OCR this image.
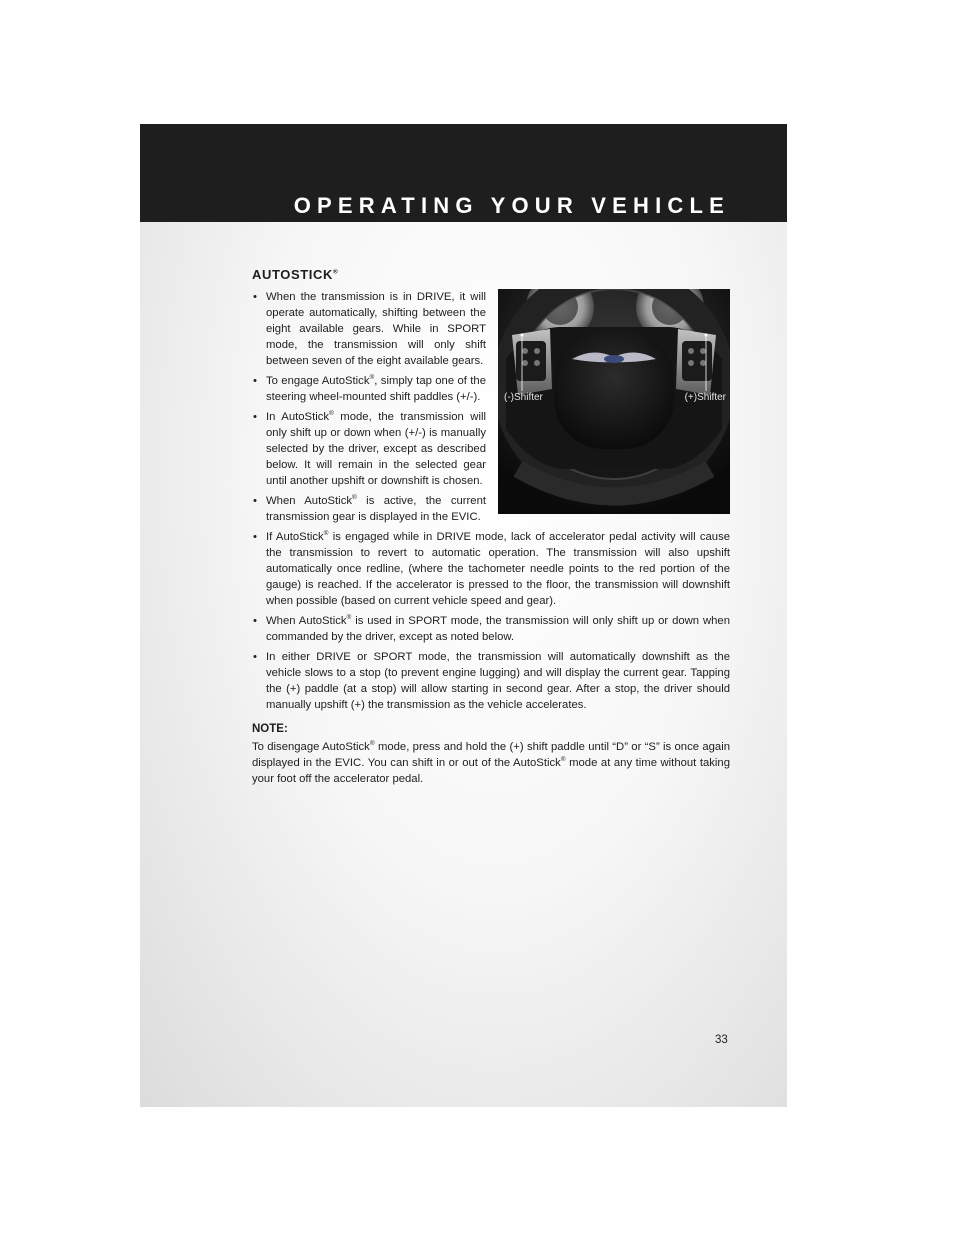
OPERATING YOUR VEHICLE
AUTOSTICK®
(-)Shifter	(+)Shifter
• When the transmission is in DRIVE, it will operate automatically, shifting between the eight available gears. While in SPORT mode, the transmission will only shift between seven of the eight available gears.
• To engage AutoStick®, simply tap one of the steering wheel-mounted shift paddles (+/-).
• In AutoStick® mode, the transmission will only shift up or down when (+/-) is manually selected by the driver, except as described below. It will remain in the selected gear until another upshift or downshift is chosen.
• When AutoStick® is active, the current transmission gear is displayed in the EVIC.
• If AutoStick® is engaged while in DRIVE mode, lack of accelerator pedal activity will cause the transmission to revert to automatic operation. The transmission will also upshift automatically once redline, (where the tachometer needle points to the red portion of the gauge) is reached. If the accelerator is pressed to the floor, the transmission will downshift when possible (based on current vehicle speed and gear).
• When AutoStick® is used in SPORT mode, the transmission will only shift up or down when commanded by the driver, except as noted below.
• In either DRIVE or SPORT mode, the transmission will automatically downshift as the vehicle slows to a stop (to prevent engine lugging) and will display the current gear. Tapping the (+) paddle (at a stop) will allow starting in second gear. After a stop, the driver should manually upshift (+) the transmission as the vehicle accelerates.
NOTE:

To disengage AutoStick® mode, press and hold the (+) shift paddle until “D” or “S” is once again displayed in the EVIC. You can shift in or out of the AutoStick® mode at any time without taking your foot off the accelerator pedal.

33
